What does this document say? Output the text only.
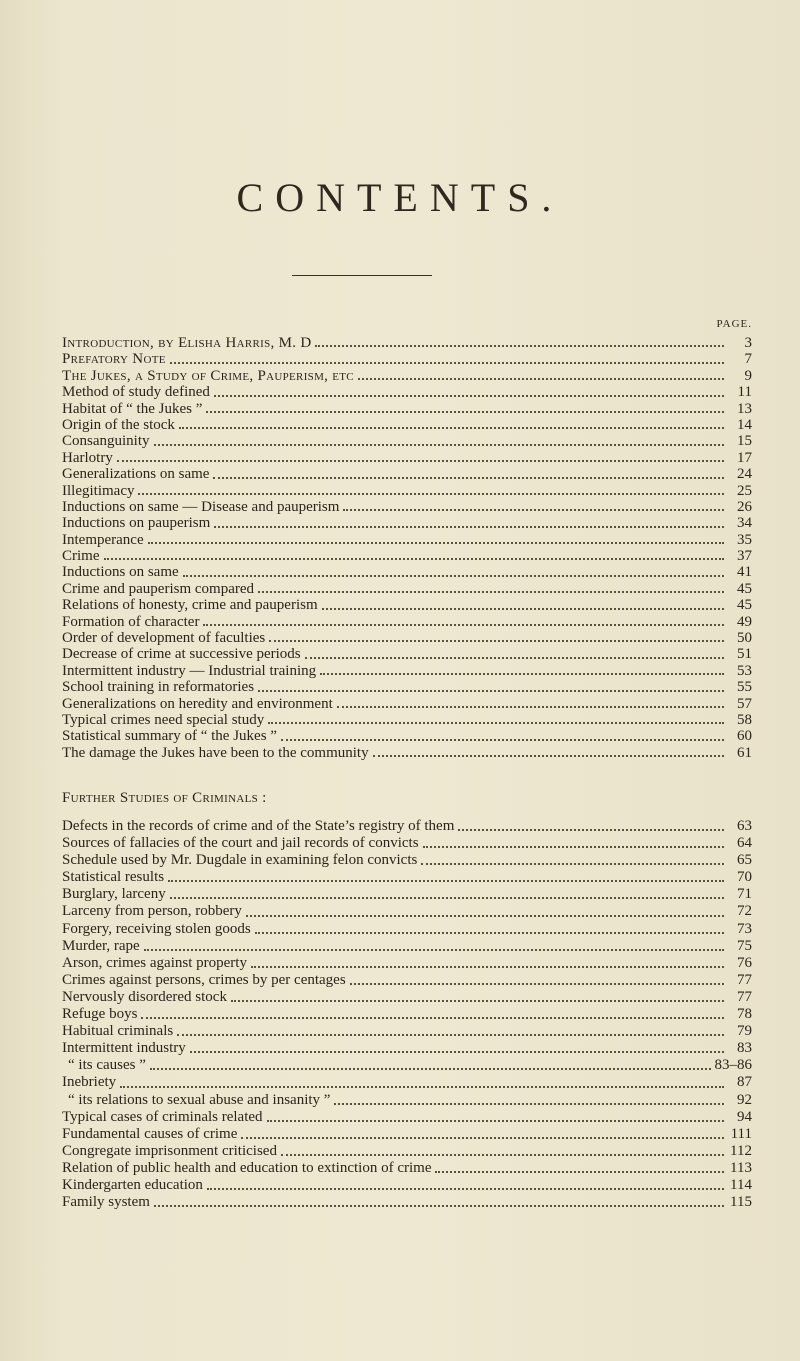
CONTENTS.
PAGE.
Introduction, by Elisha Harris, M. D	3
Prefatory Note	7
The Jukes, a Study of Crime, Pauperism, etc	9
Method of study defined	11
Habitat of “ the Jukes ”	13
Origin of the stock	14
Consanguinity	15
Harlotry	17
Generalizations on same	24
Illegitimacy	25
Inductions on same — Disease and pauperism	26
Inductions on pauperism	34
Intemperance	35
Crime	37
Inductions on same	41
Crime and pauperism compared	45
Relations of honesty, crime and pauperism	45
Formation of character	49
Order of development of faculties	50
Decrease of crime at successive periods	51
Intermittent industry — Industrial training	53
School training in reformatories	55
Generalizations on heredity and environment	57
Typical crimes need special study	58
Statistical summary of “ the Jukes ”	60
The damage the Jukes have been to the community	61
Further Studies of Criminals :
Defects in the records of crime and of the State’s registry of them	63
Sources of fallacies of the court and jail records of convicts	64
Schedule used by Mr. Dugdale in examining felon convicts	65
Statistical results	70
Burglary, larceny	71
Larceny from person, robbery	72
Forgery, receiving stolen goods	73
Murder, rape	75
Arson, crimes against property	76
Crimes against persons, crimes by per centages	77
Nervously disordered stock	77
Refuge boys	78
Habitual criminals	79
Intermittent industry	83
“ its causes ”	83–86
Inebriety	87
“ its relations to sexual abuse and insanity ”	92
Typical cases of criminals related	94
Fundamental causes of crime	111
Congregate imprisonment criticised	112
Relation of public health and education to extinction of crime	113
Kindergarten education	114
Family system	115
